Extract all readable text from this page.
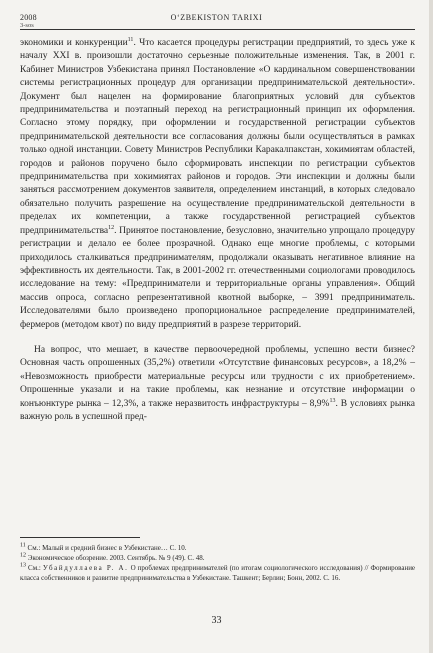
2008
3-sos
O‘ZBEKISTON TARIXI

экономики и конкуренции$^{11}$. Что касается процедуры регистрации предприятий, то здесь уже к началу XXI в. произошли достаточно серьезные положительные изменения. Так, в 2001 г. Кабинет Министров Узбекистана принял Постановление «О кардинальном совершенствовании системы регистрационных процедур для организации предпринимательской деятельности». Документ был нацелен на формирование благоприятных условий для субъектов предпринимательства и поэтапный переход на регистрационный принцип их оформления. Согласно этому порядку, при оформлении и государственной регистрации субъектов предпринимательской деятельности все согласования должны были осуществляться в рамках только одной инстанции. Совету Министров Республики Каракалпакстан, хокимиятам областей, городов и районов поручено было сформировать инспекции по регистрации субъектов предпринимательства при хокимиятах районов и городов. Эти инспекции и должны были заняться рассмотрением документов заявителя, определением инстанций, в которых следовало обязательно получить разрешение на осуществление предпринимательской деятельности в пределах их компетенции, а также государственной регистрацией субъектов предпринимательства$^{12}$. Принятое постановление, безусловно, значительно упрощало процедуру регистрации и делало ее более прозрачной. Однако еще многие проблемы, с которыми приходилось сталкиваться предпринимателям, продолжали оказывать негативное влияние на эффективность их деятельности. Так, в 2001-2002 гг. отечественными социологами проводилось исследование на тему: «Предприниматели и территориальные органы управления». Общий массив опроса, согласно репрезентативной квотной выборке, – 3991 предприниматель. Исследователями было произведено пропорциональное распределение предпринимателей, фермеров (методом квот) по виду предприятий в разрезе территорий.

На вопрос, что мешает, в качестве первоочередной проблемы, успешно вести бизнес? Основная часть опрошенных (35,2%) ответили «Отсутствие финансовых ресурсов», а 18,2% – «Невозможность приобрести материальные ресурсы или трудности с их приобретением». Опрошенные указали и на такие проблемы, как незнание и отсутствие информации о конъюнктуре рынка – 12,3%, а также неразвитость инфраструктуры – 8,9%$^{13}$. В условиях рынка важную роль в успешной пред-

$^{11}$ См.: Малый и средний бизнес в Узбекистане… С. 10.
$^{12}$ Экономическое обозрение. 2003. Сентябрь. № 9 (49). С. 48.
$^{13}$ См.: Убайдуллаева Р. А. О проблемах предпринимателей (по итогам социологического исследования) // Формирование класса собственников и развитие предпринимательства в Узбекистане. Ташкент; Берлин; Бонн, 2002. С. 16.
33
